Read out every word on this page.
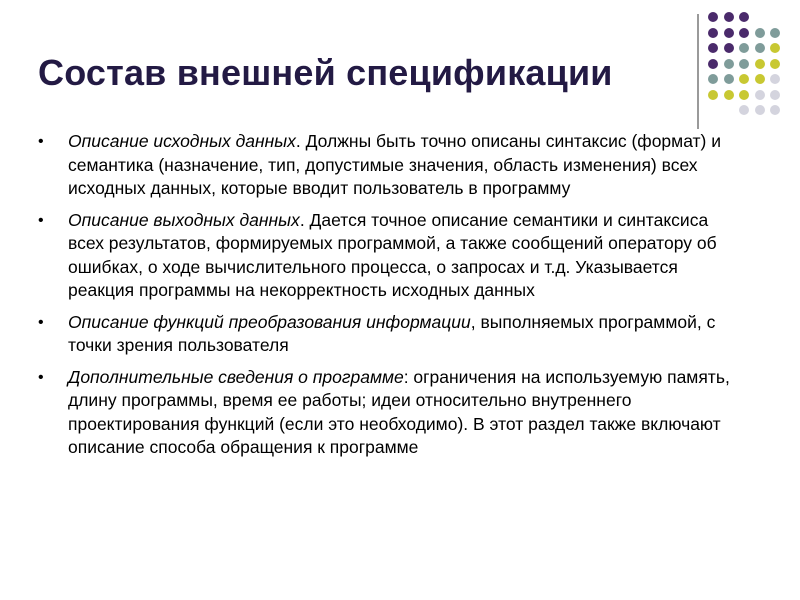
Состав внешней спецификации
• Описание исходных данных. Должны быть точно описаны синтаксис (формат) и семантика (назначение, тип, допустимые значения, область изменения) всех исходных данных, которые вводит пользователь в программу
• Описание выходных данных. Дается точное описание семантики и синтаксиса всех результатов, формируемых программой, а также сообщений оператору об ошибках, о ходе вычислительного процесса, о запросах и т.д. Указывается реакция программы на некорректность исходных данных
• Описание функций преобразования информации, выполняемых программой, с точки зрения пользователя
• Дополнительные сведения о программе: ограничения на используемую память, длину программы, время ее работы; идеи относительно внутреннего проектирования функций (если это необходимо). В этот раздел также включают описание способа обращения к программе
